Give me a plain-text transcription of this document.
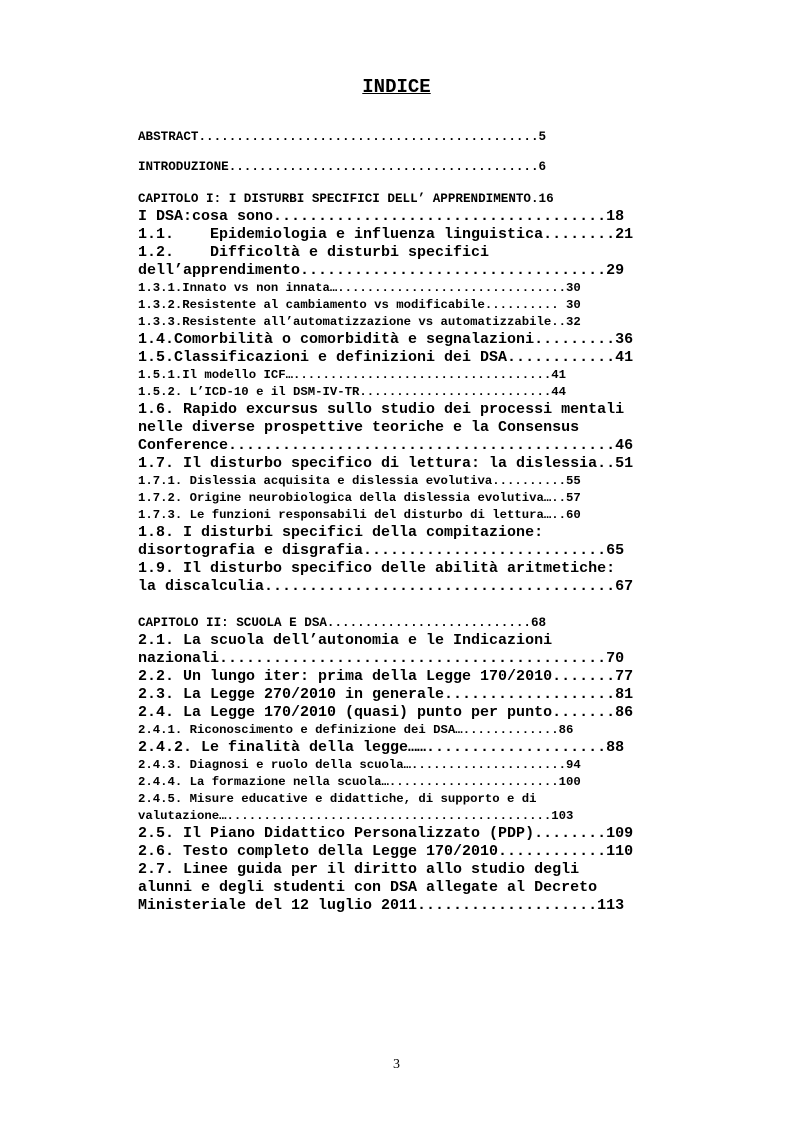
INDICE
ABSTRACT.............................................5
INTRODUZIONE.........................................6
CAPITOLO I: I DISTURBI SPECIFICI DELL’ APPRENDIMENTO.16
I DSA:cosa sono.....................................18
1.1.    Epidemiologia e influenza linguistica........21
1.2.    Difficoltà e disturbi specifici
dell’apprendimento..................................29
1.3.1.Innato vs non innata…...............................30
1.3.2.Resistente al cambiamento vs modificabile.......... 30
1.3.3.Resistente all’automatizzazione vs automatizzabile..32
1.4.Comorbilità o comorbidità e segnalazioni.........36
1.5.Classificazioni e definizioni dei DSA............41
1.5.1.Il modello ICF…...................................41
1.5.2. L’ICD-10 e il DSM-IV-TR..........................44
1.6. Rapido excursus sullo studio dei processi mentali
nelle diverse prospettive teoriche e la Consensus
Conference...........................................46
1.7. Il disturbo specifico di lettura: la dislessia..51
1.7.1. Dislessia acquisita e dislessia evolutiva..........55
1.7.2. Origine neurobiologica della dislessia evolutiva…..57
1.7.3. Le funzioni responsabili del disturbo di lettura…..60
1.8. I disturbi specifici della compitazione:
disortografia e disgrafia...........................65
1.9. Il disturbo specifico delle abilità aritmetiche:
la discalculia.......................................67
CAPITOLO II: SCUOLA E DSA...........................68
2.1. La scuola dell’autonomia e le Indicazioni
nazionali...........................................70
2.2. Un lungo iter: prima della Legge 170/2010.......77
2.3. La Legge 270/2010 in generale...................81
2.4. La Legge 170/2010 (quasi) punto per punto.......86
2.4.1. Riconoscimento e definizione dei DSA….............86
2.4.2. Le finalità della legge……....................88
2.4.3. Diagnosi e ruolo della scuola….....................94
2.4.4. La formazione nella scuola….......................100
2.4.5. Misure educative e didattiche, di supporto e di
valutazione…............................................103
2.5. Il Piano Didattico Personalizzato (PDP)........109
2.6. Testo completo della Legge 170/2010............110
2.7. Linee guida per il diritto allo studio degli
alunni e degli studenti con DSA allegate al Decreto
Ministeriale del 12 luglio 2011....................113
3
